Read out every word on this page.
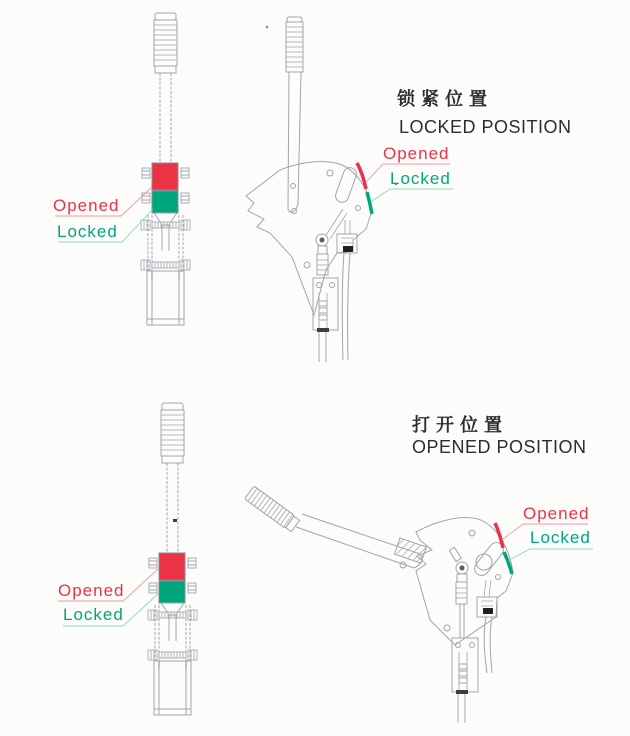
锁紧位置
LOCKED POSITION
打开位置
OPENED POSITION
Opened
Locked
Opened
Locked
Opened
Locked
Opened
Locked
